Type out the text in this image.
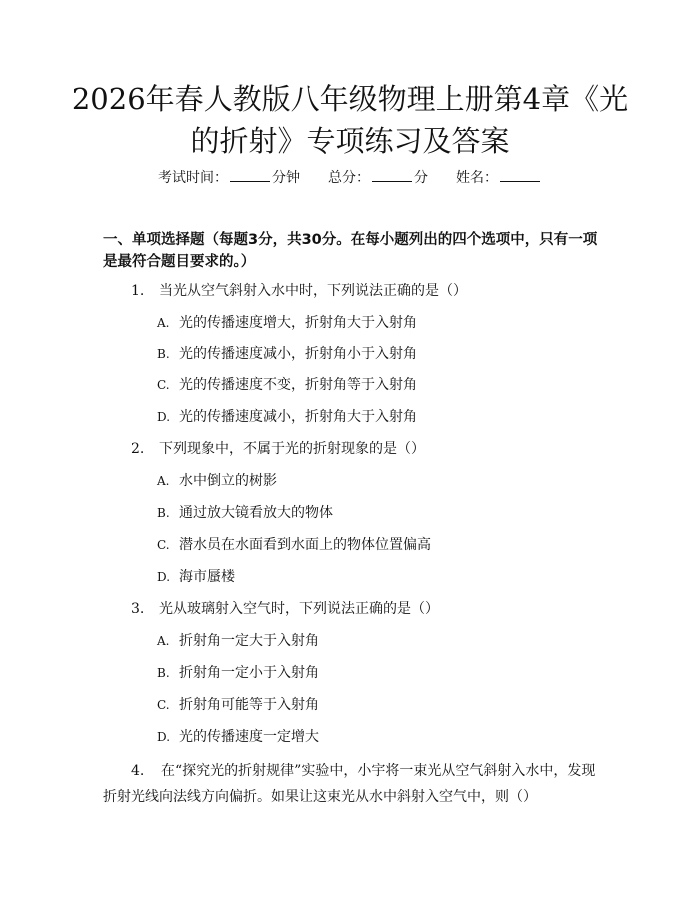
2026年春人教版八年级物理上册第4章《光的折射》专项练习及答案
考试时间：	分钟 总分：	分 姓名：
一、单项选择题（每题3分，共30分。在每小题列出的四个选项中，只有一项是最符合题目要求的。）
1. 当光从空气斜射入水中时，下列说法正确的是（）
A. 光的传播速度增大，折射角大于入射角
B. 光的传播速度减小，折射角小于入射角
C. 光的传播速度不变，折射角等于入射角
D. 光的传播速度减小，折射角大于入射角
2. 下列现象中，不属于光的折射现象的是（）
A. 水中倒立的树影
B. 通过放大镜看放大的物体
C. 潜水员在水面看到水面上的物体位置偏高
D. 海市蜃楼
3. 光从玻璃射入空气时，下列说法正确的是（）
A. 折射角一定大于入射角
B. 折射角一定小于入射角
C. 折射角可能等于入射角
D. 光的传播速度一定增大
4. 在“探究光的折射规律”实验中，小宇将一束光从空气斜射入水中，发现折射光线向法线方向偏折。如果让这束光从水中斜射入空气中，则（）
